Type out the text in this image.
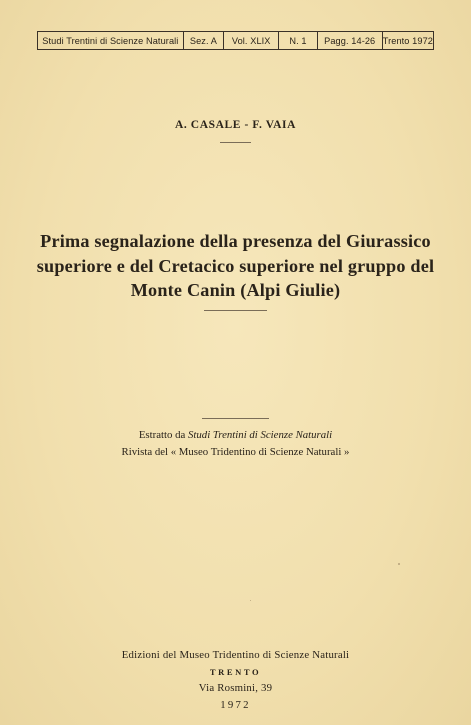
Studi Trentini di Scienze Naturali	Sez. A	Vol. XLIX	N. 1	Pagg. 14-26 Trento 1972
A. CASALE - F. VAIA
Prima segnalazione della presenza del Giurassico
superiore e del Cretacico superiore nel gruppo del
Monte Canin (Alpi Giulie)
Estratto da Studi Trentini di Scienze Naturali
Rivista del « Museo Tridentino di Scienze Naturali »
Edizioni del Museo Tridentino di Scienze Naturali
TRENTO
Via Rosmini, 39
1972
